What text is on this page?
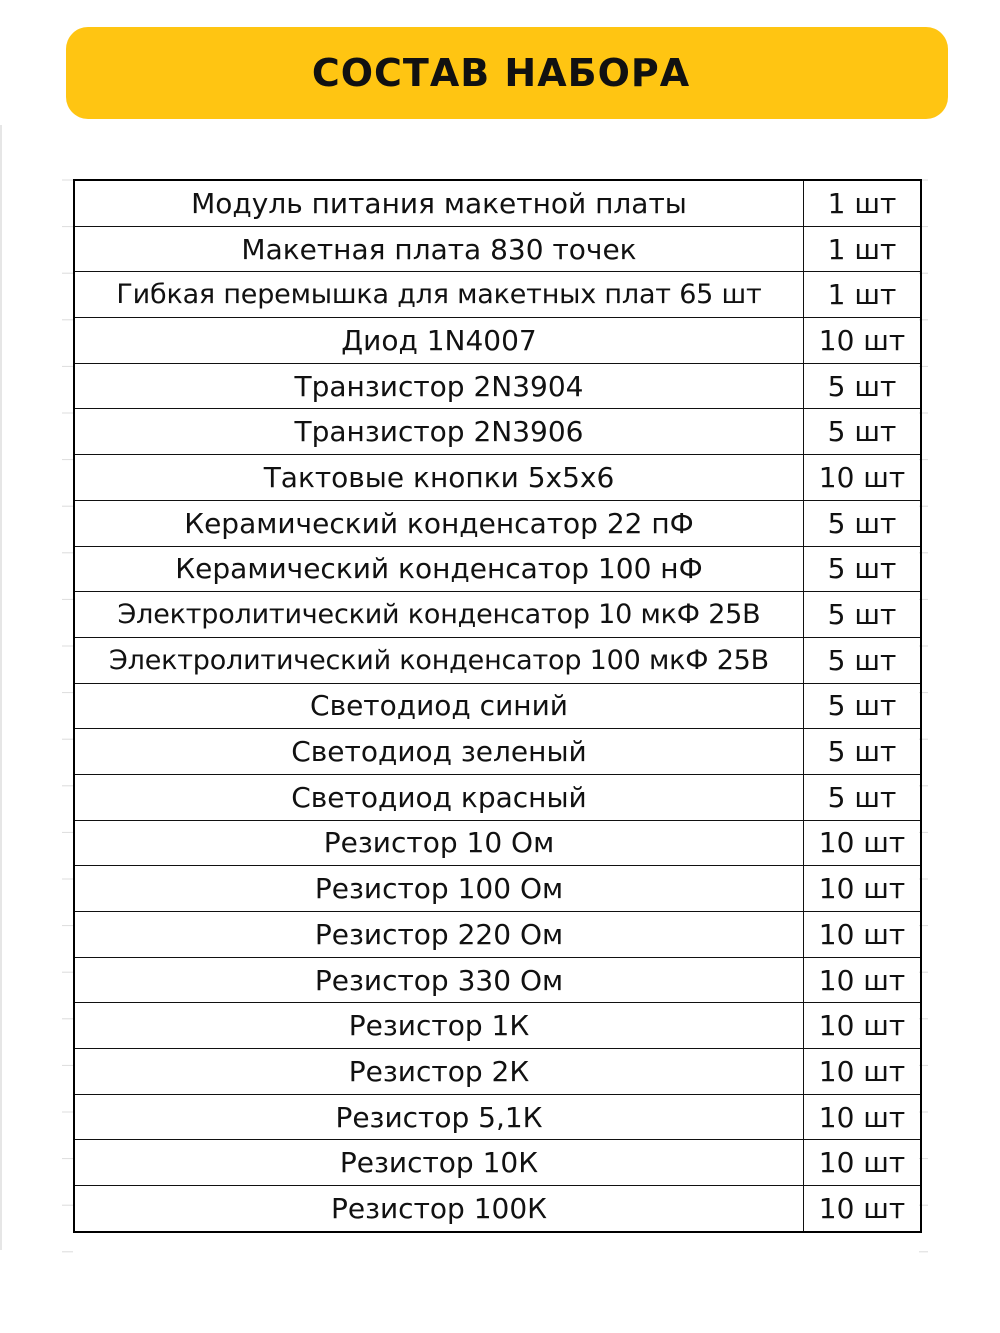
СОСТАВ НАБОРА
Модуль питания макетной платы	1 шт
Макетная плата 830 точек	1 шт
Гибкая перемышка для макетных плат 65 шт	1 шт
Диод 1N4007	10 шт
Транзистор 2N3904	5 шт
Транзистор 2N3906	5 шт
Тактовые кнопки 5х5х6	10 шт
Керамический конденсатор 22 пФ	5 шт
Керамический конденсатор 100 нФ	5 шт
Электролитический конденсатор 10 мкФ 25В	5 шт
Электролитический конденсатор 100 мкФ 25В	5 шт
Светодиод синий	5 шт
Светодиод зеленый	5 шт
Светодиод красный	5 шт
Резистор 10 Ом	10 шт
Резистор 100 Ом	10 шт
Резистор 220 Ом	10 шт
Резистор 330 Ом	10 шт
Резистор 1К	10 шт
Резистор 2К	10 шт
Резистор 5,1К	10 шт
Резистор 10К	10 шт
Резистор 100К	10 шт
